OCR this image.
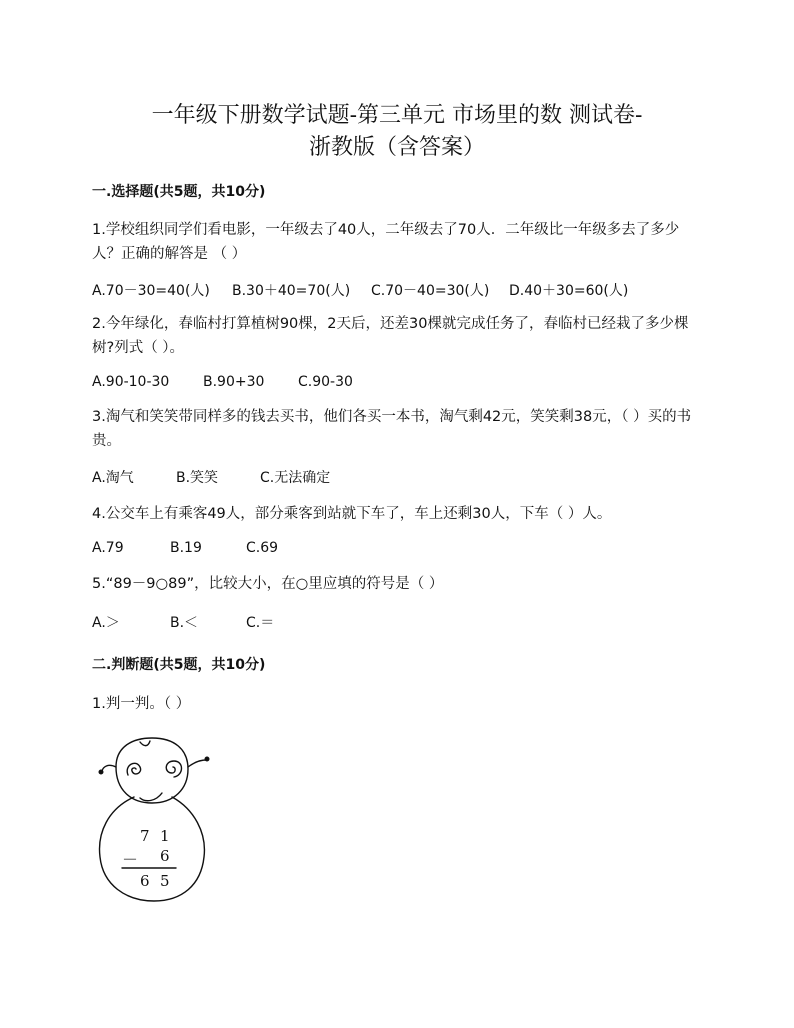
一年级下册数学试题-第三单元 市场里的数 测试卷-
浙教版（含答案）
一.选择题(共5题，共10分)
1.学校组织同学们看电影，一年级去了40人，二年级去了70人．二年级比一年级多去了多少人？正确的解答是 （ ）
A.70－30=40(人) B.30＋40=70(人) C.70－40=30(人) D.40＋30=60(人)
2.今年绿化，春临村打算植树90棵，2天后，还差30棵就完成任务了，春临村已经栽了多少棵树?列式（ ）。
A.90-10-30 B.90+30 C.90-30
3.淘气和笑笑带同样多的钱去买书，他们各买一本书，淘气剩42元，笑笑剩38元，（ ）买的书贵。
A.淘气	B.笑笑	C.无法确定
4.公交车上有乘客49人，部分乘客到站就下车了，车上还剩30人，下车（ ）人。
A.79	B.19	C.69
5.“89－9○89”，比较大小，在○里应填的符号是（ ）
A.＞	B.＜	C.＝
二.判断题(共5题，共10分)
1.判一判。（ ）
7 1
－ 6
6 5
